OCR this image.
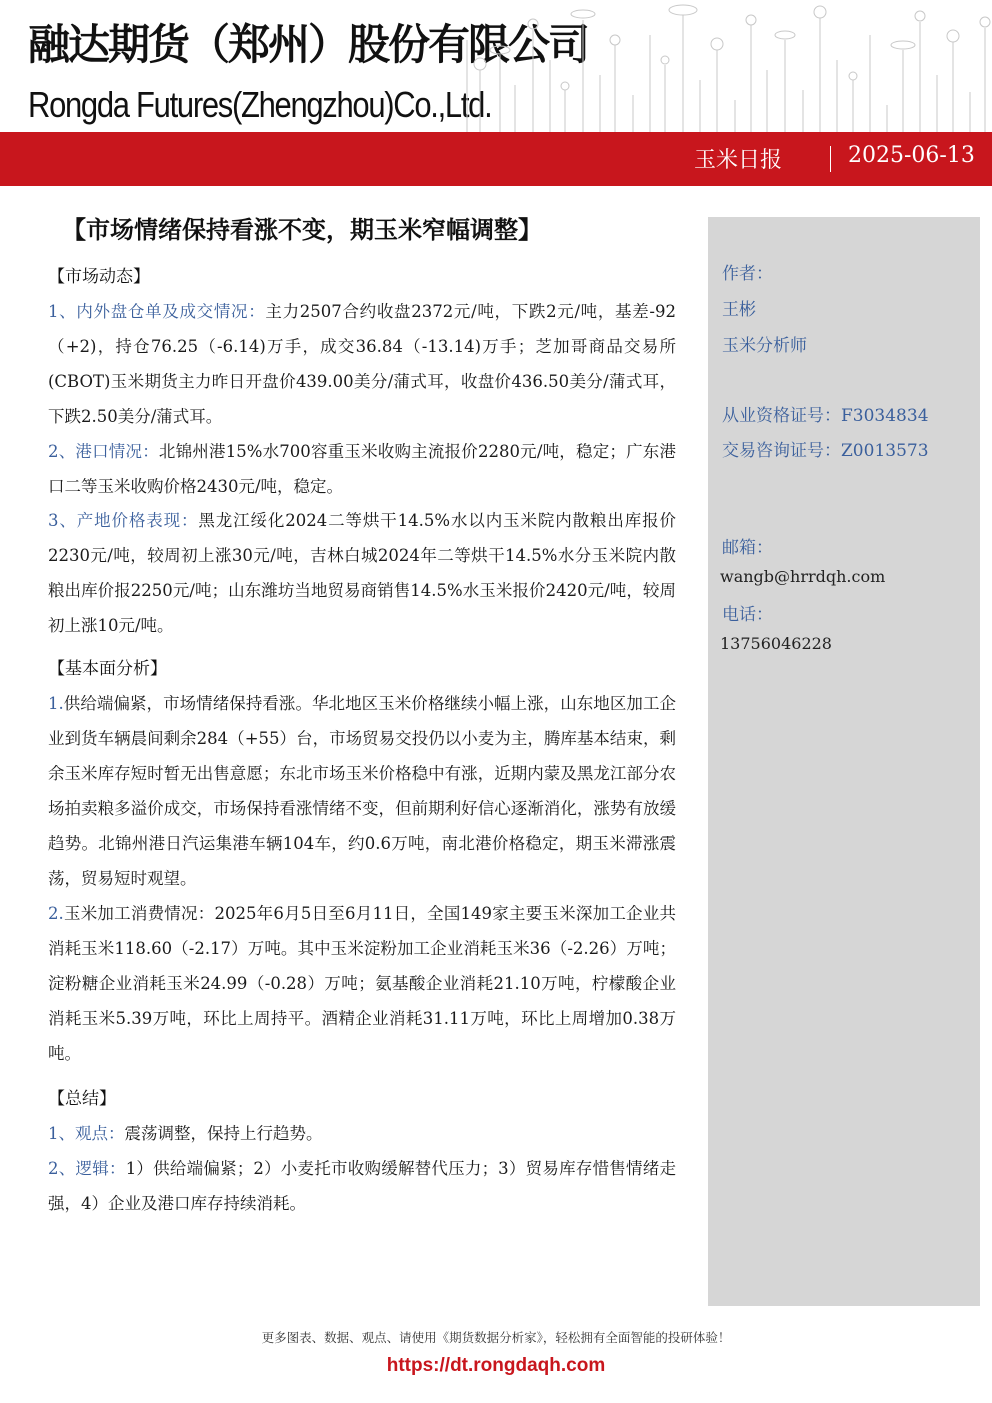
融达期货（郑州）股份有限公司
Rongda Futures(Zhengzhou)Co.,Ltd.
玉米日报	2025-06-13
作者：
王彬
玉米分析师
从业资格证号：F3034834
交易咨询证号：Z0013573
邮箱：
wangb@hrrdqh.com
电话：
13756046228
【市场情绪保持看涨不变，期玉米窄幅调整】
【市场动态】
1、内外盘仓单及成交情况：主力2507合约收盘2372元/吨，下跌2元/吨，基差-92（+2)，持仓76.25（-6.14)万手，成交36.84（-13.14)万手；芝加哥商品交易所(CBOT)玉米期货主力昨日开盘价439.00美分/蒲式耳，收盘价436.50美分/蒲式耳，下跌2.50美分/蒲式耳。
2、港口情况：北锦州港15%水700容重玉米收购主流报价2280元/吨，稳定；广东港口二等玉米收购价格2430元/吨，稳定。
3、产地价格表现：黑龙江绥化2024二等烘干14.5%水以内玉米院内散粮出库报价2230元/吨，较周初上涨30元/吨，吉林白城2024年二等烘干14.5%水分玉米院内散粮出库价报2250元/吨；山东潍坊当地贸易商销售14.5%水玉米报价2420元/吨，较周初上涨10元/吨。
【基本面分析】
1.供给端偏紧，市场情绪保持看涨。华北地区玉米价格继续小幅上涨，山东地区加工企业到货车辆晨间剩余284（+55）台，市场贸易交投仍以小麦为主，腾库基本结束，剩余玉米库存短时暂无出售意愿；东北市场玉米价格稳中有涨，近期内蒙及黑龙江部分农场拍卖粮多溢价成交，市场保持看涨情绪不变，但前期利好信心逐渐消化，涨势有放缓趋势。北锦州港日汽运集港车辆104车，约0.6万吨，南北港价格稳定，期玉米滞涨震荡，贸易短时观望。
2.玉米加工消费情况：2025年6月5日至6月11日，全国149家主要玉米深加工企业共消耗玉米118.60（-2.17）万吨。其中玉米淀粉加工企业消耗玉米36（-2.26）万吨；淀粉糖企业消耗玉米24.99（-0.28）万吨；氨基酸企业消耗21.10万吨，柠檬酸企业消耗玉米5.39万吨，环比上周持平。酒精企业消耗31.11万吨，环比上周增加0.38万吨。
【总结】
1、观点：震荡调整，保持上行趋势。
2、逻辑：1）供给端偏紧；2）小麦托市收购缓解替代压力；3）贸易库存惜售情绪走强，4）企业及港口库存持续消耗。
更多图表、数据、观点、请使用《期货数据分析家》，轻松拥有全面智能的投研体验！
https://dt.rongdaqh.com
